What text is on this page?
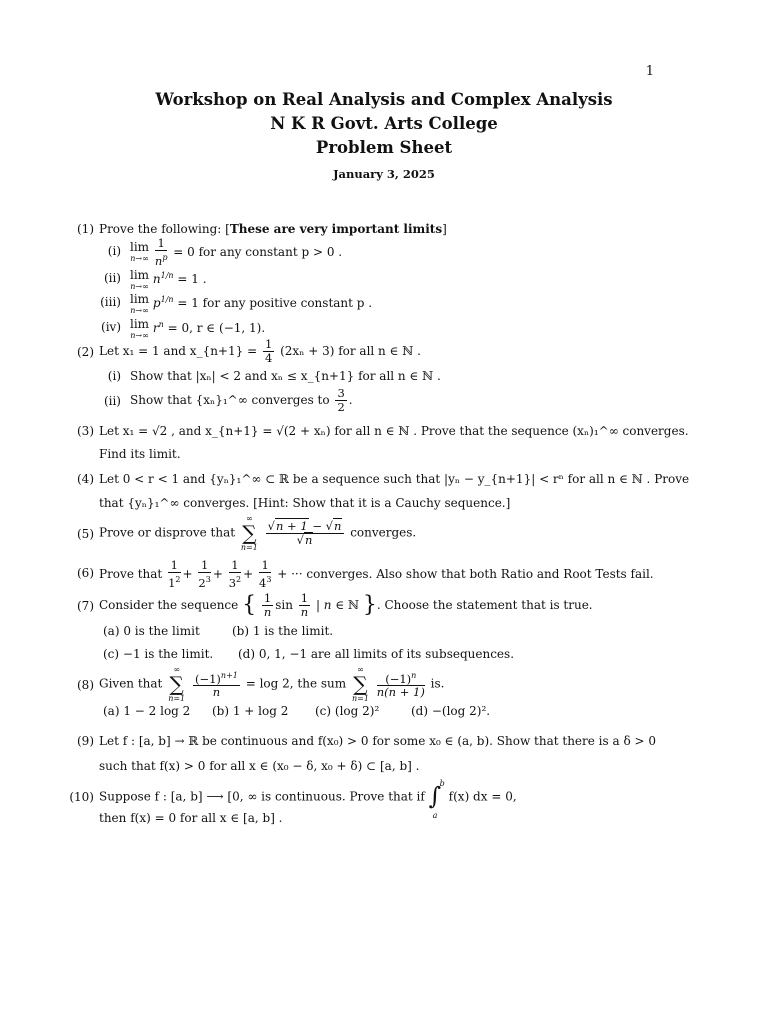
1
Workshop on Real Analysis and Complex Analysis
N K R Govt. Arts College
Problem Sheet
January 3, 2025
(1) Prove the following: [These are very important limits]
(i) lim
n→∞
$\frac{1}{n^p} = 0$ for any constant p > 0 .
(ii) lim
n→∞ $n^{1/n} = 1$ .
(iii) lim
n→∞ $p^{1/n} = 1$ for any positive constant p .
(iv) lim
n→∞ $r^n = 0$, r ∈ (−1, 1).
(2) Let x₁ = 1 and x_{n+1} = $\frac{1}{4} (2x_n + 3)$ for all n ∈ ℕ .
(i) Show that |xₙ| < 2 and xₙ ≤ x_{n+1} for all n ∈ ℕ .
(ii) Show that {xₙ}₁^∞ converges to $\frac{3}{2}$ .
(3) Let x₁ = √2 , and x_{n+1} = √(2 + xₙ) for all n ∈ ℕ . Prove that the sequence (xₙ)₁^∞ converges.
Find its limit.
(4) Let 0 < r < 1 and {yₙ}₁^∞ ⊂ ℝ be a sequence such that |yₙ − y_{n+1}| < rⁿ for all n ∈ ℕ . Prove
that {yₙ}₁^∞ converges. [Hint: Show that it is a Cauchy sequence.]
(5) Prove or disprove that
∞
∑
n=1

$\frac{√n + 1 - √n}{√n}$ converges.
(6) Prove that $\frac{1}{1^2} + \frac{1}{2^3} + \frac{1}{3^2} + \frac{1}{4^3}$ + ··· converges. Also show that both Ratio and Root Tests fail.
(7) Consider the sequence { $\frac{1}{n}$ $\sin \frac{1}{n}$ | n ∈ ℕ }. Choose the statement that is true.
(a) 0 is the limit	(b) 1 is the limit.
(c) −1 is the limit. (d) 0, 1, −1 are all limits of its subsequences.
(8) Given that
∞
∑
n=1
$\frac{(-1)^{n+1}}{n} = \log 2$, the sum
∞
∑
n=1
$\frac{(-1)^n}{n(n + 1)}$ is.
(a) 1 − 2 log 2 (b) 1 + log 2 (c) (log 2)²	(d) −(log 2)².
(9) Let f : [a, b] → ℝ be continuous and f(x₀) > 0 for some x₀ ∈ (a, b). Show that there is a δ > 0
such that f(x) > 0 for all x ∈ (x₀ − δ, x₀ + δ) ⊂ [a, b] .
(10) Suppose f : [a, b] ⟶ [0, ∞ is continuous. Prove that if
b
∫
a
f(x) dx = 0,
then f(x) = 0 for all x ∈ [a, b] .
